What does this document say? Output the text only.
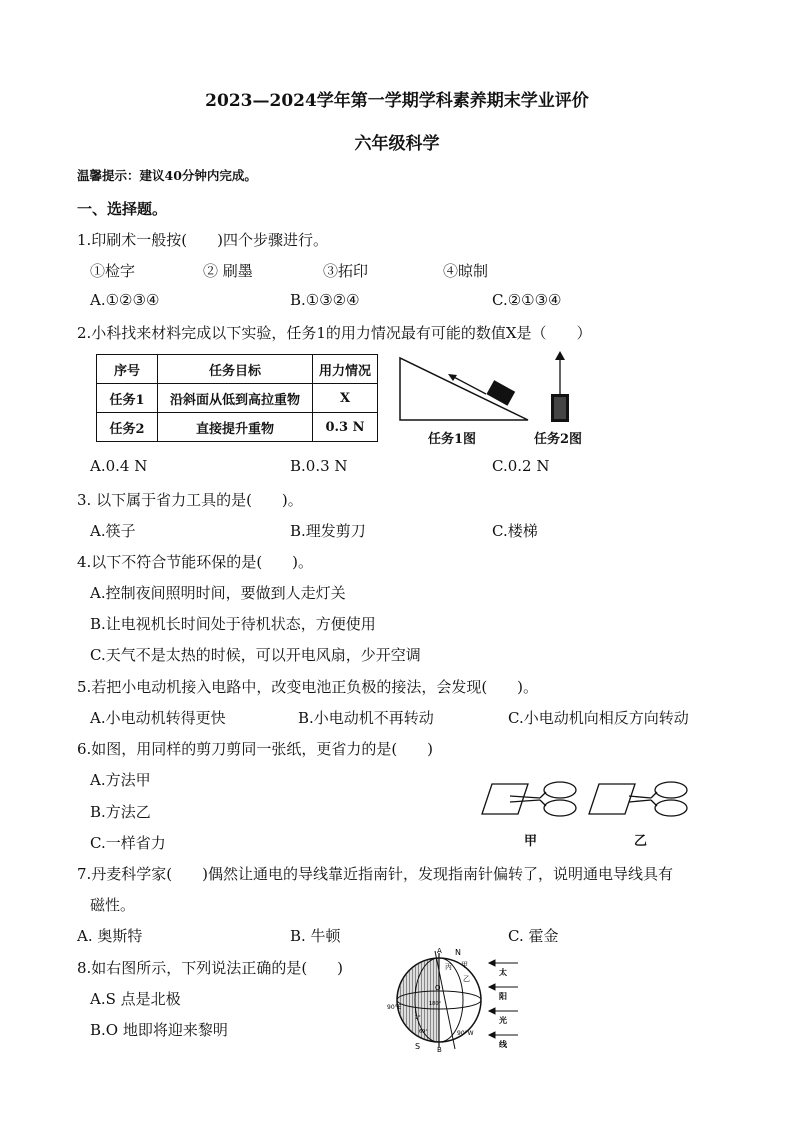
2023—2024学年第一学期学科素养期末学业评价
六年级科学
温馨提示：建议40分钟内完成。
一、选择题。
1.印刷术一般按(　　)四个步骤进行。
①检字	② 刷墨	③拓印	④晾制
A.①②③④	B.①③②④	C.②①③④
2.小科找来材料完成以下实验，任务1的用力情况最有可能的数值X是（　　）
序号	任务目标	用力情况
任务1	沿斜面从低到高拉重物	X
任务2	直接提升重物	0.3 N
任务1图	任务2图
A.0.4 N	B.0.3 N	C.0.2 N
3. 以下属于省力工具的是(　　)。
A.筷子	B.理发剪刀	C.楼梯
4.以下不符合节能环保的是(　　)。
A.控制夜间照明时间，要做到人走灯关
B.让电视机长时间处于待机状态，方便使用
C.天气不是太热的时候，可以开电风扇，少开空调
5.若把小电动机接入电路中，改变电池正负极的接法，会发现(　　)。
A.小电动机转得更快	B.小电动机不再转动	C.小电动机向相反方向转动
6.如图，用同样的剪刀剪同一张纸，更省力的是(　　)
A.方法甲
B.方法乙
C.一样省力	甲	乙
7.丹麦科学家(　　)偶然让通电的导线靠近指南针，发现指南针偏转了，说明通电导线具有
磁性。
A. 奥斯特	B. 牛顿	C. 霍金
8.如右图所示，下列说法正确的是(　　)
A.S 点是北极
B.O 地即将迎来黎明
N
S
O
A
B
乙
丙 甲
90°E
90°W
180°
1°
60°
太
阳
光
线
